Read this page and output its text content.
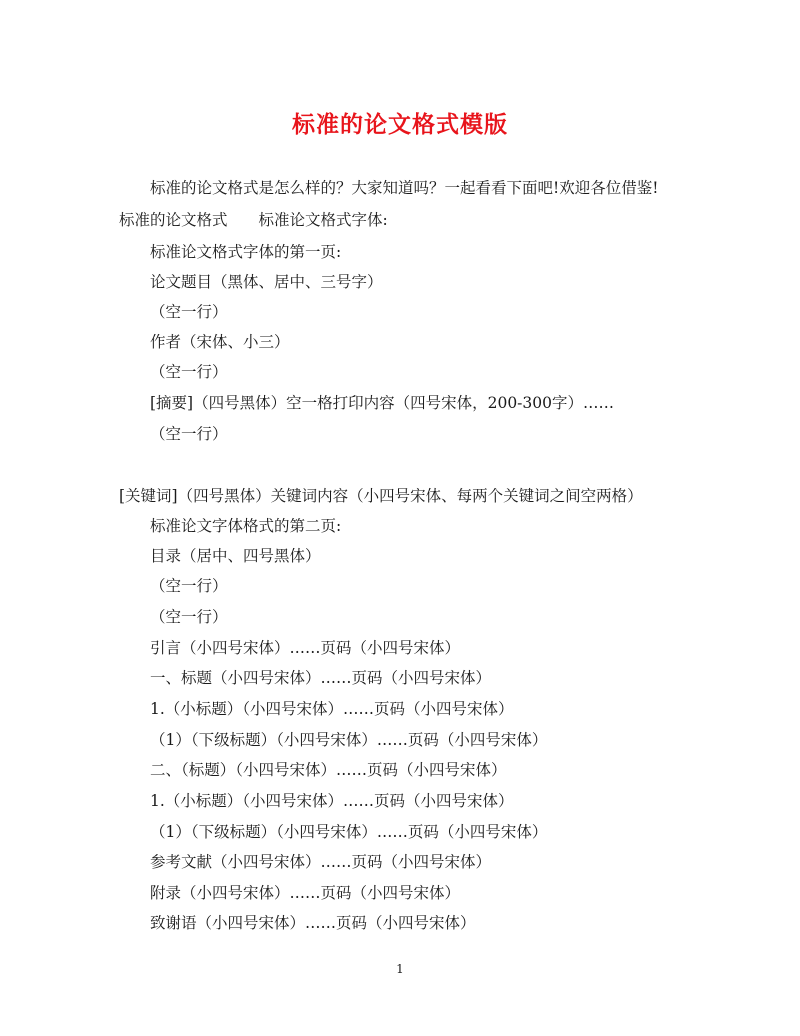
标准的论文格式模版
标准的论文格式是怎么样的？大家知道吗？一起看看下面吧!欢迎各位借鉴!
标准的论文格式　　标准论文格式字体:
标准论文格式字体的第一页:
论文题目（黑体、居中、三号字）
（空一行）
作者（宋体、小三）
（空一行）
[摘要]（四号黑体）空一格打印内容（四号宋体，200-300字）……
（空一行）
[关键词]（四号黑体）关键词内容（小四号宋体、每两个关键词之间空两格）
标准论文字体格式的第二页:
目录（居中、四号黑体）
（空一行）
（空一行）
引言（小四号宋体）……页码（小四号宋体）
一、标题（小四号宋体）……页码（小四号宋体）
1.（小标题）（小四号宋体）……页码（小四号宋体）
（1）（下级标题）（小四号宋体）……页码（小四号宋体）
二、（标题）（小四号宋体）……页码（小四号宋体）
1.（小标题）（小四号宋体）……页码（小四号宋体）
（1）（下级标题）（小四号宋体）……页码（小四号宋体）
参考文献（小四号宋体）……页码（小四号宋体）
附录（小四号宋体）……页码（小四号宋体）
致谢语（小四号宋体）……页码（小四号宋体）
1
